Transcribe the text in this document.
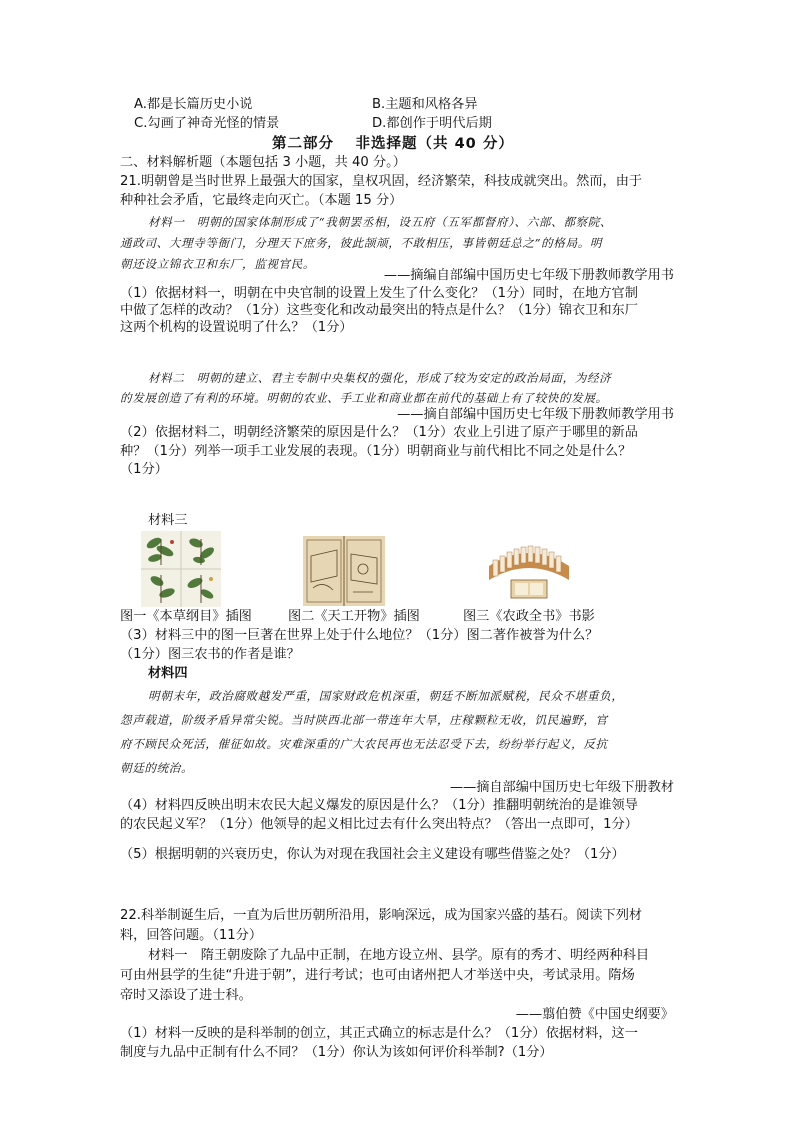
A.都是长篇历史小说	B.主题和风格各异
C.勾画了神奇光怪的情景	D.都创作于明代后期
第二部分　 非选择题（共 40 分）
二、材料解析题（本题包括 3 小题，共 40 分。）
21.明朝曾是当时世界上最强大的国家，皇权巩固，经济繁荣，科技成就突出。然而，由于
种种社会矛盾，它最终走向灭亡。（本题 15 分）
材料一　明朝的国家体制形成了“我朝罢丞相，设五府（五军都督府）、六部、都察院、
通政司、大理寺等衙门，分理天下庶务，彼此颉颃，不敢相压，事皆朝廷总之”的格局。明
朝还设立锦衣卫和东厂，监视官民。
——摘编自部编中国历史七年级下册教师教学用书
（1）依据材料一，明朝在中央官制的设置上发生了什么变化？（1分）同时，在地方官制
中做了怎样的改动？（1分）这些变化和改动最突出的特点是什么？（1分）锦衣卫和东厂
这两个机构的设置说明了什么？（1分）
材料二　明朝的建立、君主专制中央集权的强化，形成了较为安定的政治局面，为经济
的发展创造了有利的环境。明朝的农业、手工业和商业都在前代的基础上有了较快的发展。
——摘自部编中国历史七年级下册教师教学用书
（2）依据材料二，明朝经济繁荣的原因是什么？（1分）农业上引进了原产于哪里的新品
种？（1分）列举一项手工业发展的表现。（1分）明朝商业与前代相比不同之处是什么？
（1分）
材料三
图一《本草纲目》插图	图二《天工开物》插图	图三《农政全书》书影
（3）材料三中的图一巨著在世界上处于什么地位？（1分）图二著作被誉为什么？
（1分）图三农书的作者是谁？
材料四
明朝末年，政治腐败越发严重，国家财政危机深重，朝廷不断加派赋税，民众不堪重负，
怨声载道，阶级矛盾异常尖锐。当时陕西北部一带连年大旱，庄稼颗粒无收，饥民遍野，官
府不顾民众死活，催征如故。灾难深重的广大农民再也无法忍受下去，纷纷举行起义，反抗
朝廷的统治。
——摘自部编中国历史七年级下册教材
（4）材料四反映出明末农民大起义爆发的原因是什么？（1分）推翻明朝统治的是谁领导
的农民起义军？（1分）他领导的起义相比过去有什么突出特点？（答出一点即可，1分）
（5）根据明朝的兴衰历史，你认为对现在我国社会主义建设有哪些借鉴之处？（1分）
22.科举制诞生后，一直为后世历朝所沿用，影响深远，成为国家兴盛的基石。阅读下列材
料，回答问题。（11分）
材料一　隋王朝废除了九品中正制，在地方设立州、县学。原有的秀才、明经两种科目
可由州县学的生徒“升进于朝”，进行考试；也可由诸州把人才举送中央，考试录用。隋炀
帝时又添设了进士科。
——翦伯赞《中国史纲要》
（1）材料一反映的是科举制的创立，其正式确立的标志是什么？（1分）依据材料，这一
制度与九品中正制有什么不同？（1分）你认为该如何评价科举制?（1分）
